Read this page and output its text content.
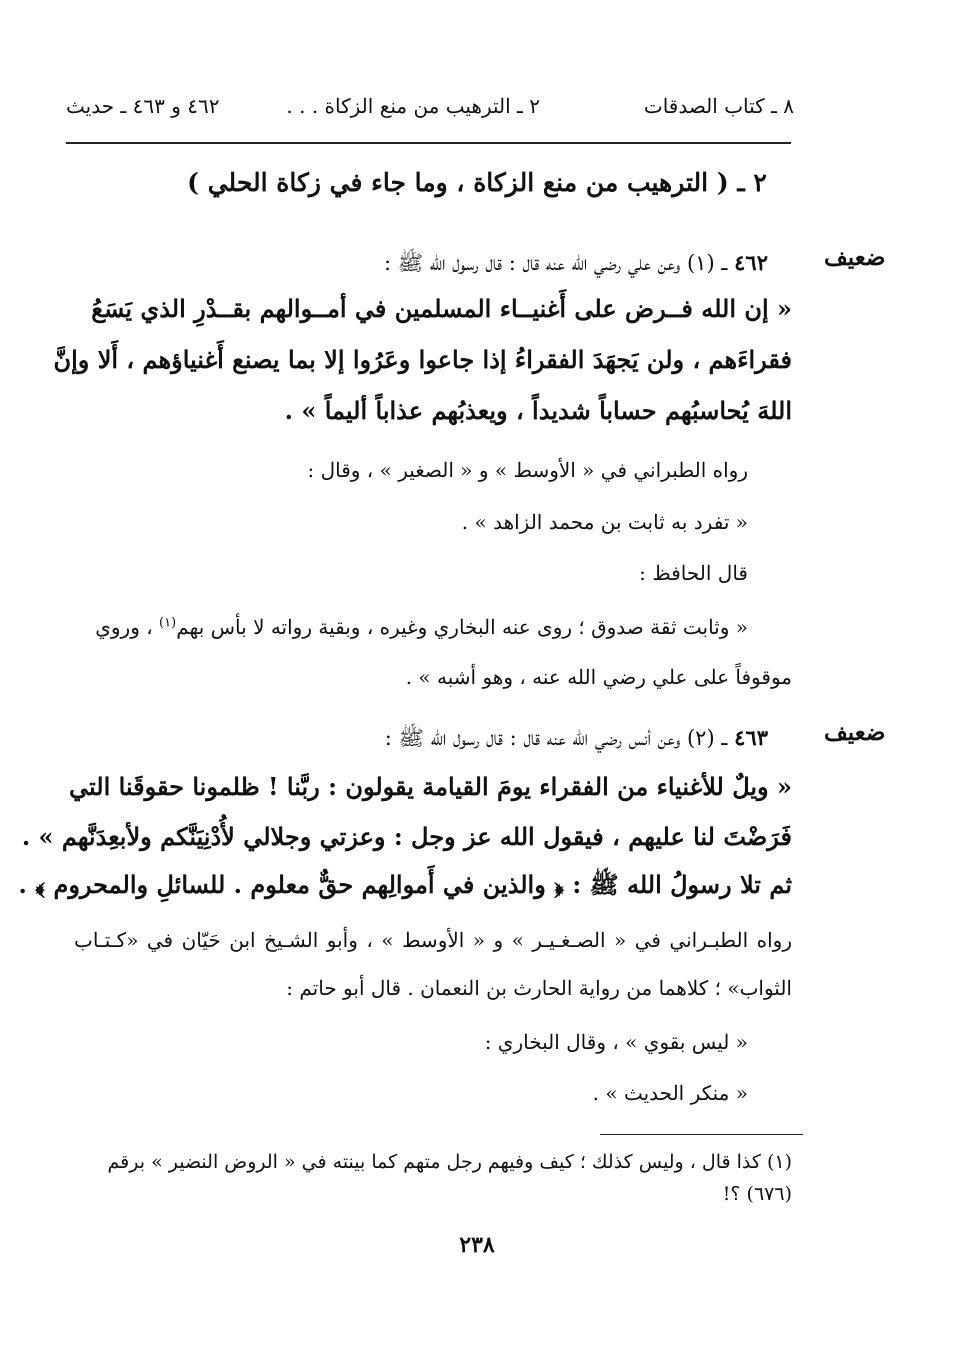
٨ ـ كتاب الصدقات
٢ ـ الترهيب من منع الزكاة . . .
٤٦٢ و ٤٦٣ ـ حديث
٢ ـ ( الترهيب من منع الزكاة ، وما جاء في زكاة الحلي )
ضعيف
٤٦٢ ـ (١) وعن علي رضي الله عنه قال : قال رسول الله ﷺ :
« إن الله فــرض على أَغنيــاء المسلمين في أمــوالهم بقــدْرِ الذي يَسَعُ
فقراءَهم ، ولن يَجهَدَ الفقراءُ إذا جاعوا وعَرُوا إلا بما يصنع أَغنياؤهم ، أَلا وإنَّ
اللهَ يُحاسبُهم حساباً شديداً ، ويعذبُهم عذاباً أليماً » .
رواه الطبراني في « الأوسط » و « الصغير » ، وقال :
« تفرد به ثابت بن محمد الزاهد » .
قال الحافظ :
« وثابت ثقة صدوق ؛ روى عنه البخاري وغيره ، وبقية رواته لا بأس بهم$^{(١)}$ ، وروي
موقوفاً على علي رضي الله عنه ، وهو أشبه » .
ضعيف
٤٦٣ ـ (٢) وعن أنس رضي الله عنه قال : قال رسول الله ﷺ :
« ويلٌ للأغنياء من الفقراء يومَ القيامة يقولون : ربَّنا ! ظلمونا حقوقَنا التي
فَرَضْتَ لنا عليهم ، فيقول الله عز وجل : وعزتي وجلالي لأُدْنِيَنَّكم ولأبعِدَنَّهم » .
ثم تلا رسولُ الله ﷺ : ﴿ والذين في أَموالِهم حقٌّ معلوم . للسائلِ والمحروم ﴾ .
رواه الطبـراني في « الصـغـيـر » و « الأوسط » ، وأبو الشـيخ ابن حَيّان في «كـتـاب
الثواب» ؛ كلاهما من رواية الحارث بن النعمان . قال أبو حاتم :
« ليس بقوي » ، وقال البخاري :
« منكر الحديث » .
(١) كذا قال ، وليس كذلك ؛ كيف وفيهم رجل متهم كما بينته في « الروض النضير » برقم
(٦٧٦) ؟!
٢٣٨
